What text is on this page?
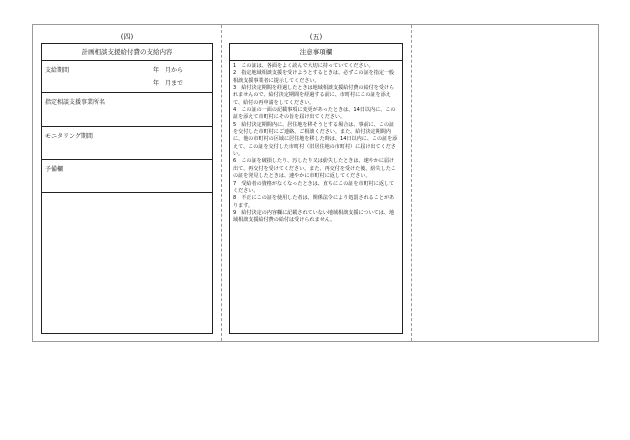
(四)	(五)
計画相談支援給付費の支給内容
支給期間	年　月から
年　月まで
指定相談支援事業所名
モニタリング期間
予備欄
注意事項欄

1　この証は、各面をよく読んで大切に持っていてください。

2　指定地域相談支援を受けようとするときは、必ずこの証を指定一般相談支援事業者に提示してください。

3　給付決定期間を経過したときは地域相談支援給付費の給付を受けられませんので、給付決定期間を経過する前に、市町村にこの証を添えて、給付の再申請をしてください。

4　この証の一面の記載事項に変更があったときは、14日以内に、この証を添えて市町村にその旨を届け出てください。

5　給付決定期間内に、居住地を移そうとする場合は、事前に、この証を交付した市町村にご連絡、ご相談ください。また、給付決定期間内に、他の市町村の区域に居住地を移した時は、14日以内に、この証を添えて、この証を交付した市町村（旧居住地の市町村）に届け出てください。

6　この証を破損したり、汚したり又は紛失したときは、速やかに届け出て、再交付を受けてください。また、再交付を受けた後、紛失したこの証を発見したときは、速やかに市町村に返してください。

7　受給者の資格がなくなったときは、直ちにこの証を市町村に返してください。

8　不正にこの証を使用した者は、関係法令により処罰されることがあります。

9　給付決定の内容欄に記載されていない地域相談支援については、地域相談支援給付費の給付は受けられません。
